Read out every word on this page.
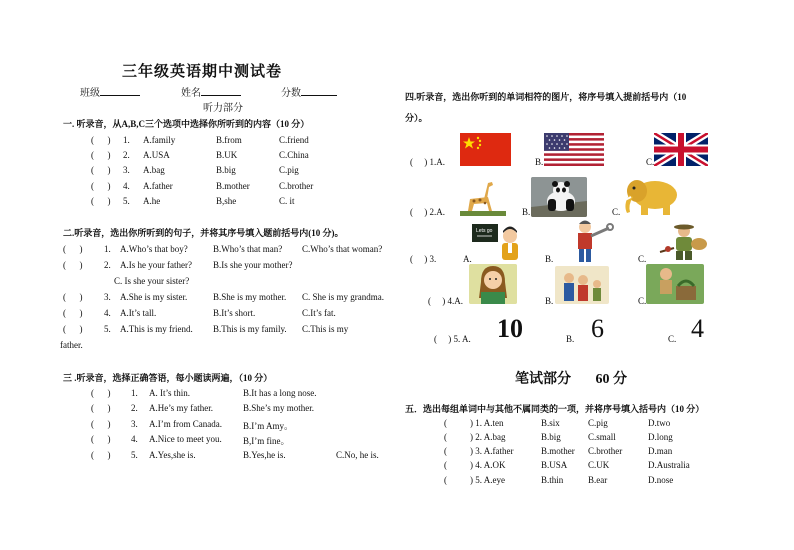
三年级英语期中测试卷
班级	姓名	分数
听力部分
一. 听录音，从A,B,C三个选项中选择你所听到的内容（10 分）
(      ) 1. A.family	B.from	C.friend
(      ) 2. A.USA	B.UK	C.China
(      ) 3. A.bag	B.big	C.pig
(      ) 4. A.father	B.mother	C.brother
(      ) 5. A.he	B,she	C. it
二.听录音，选出你所听到的句子，并将其序号填入题前括号内(10 分)。
(      ) 1. A.Who’s that boy?	B.Who’s that man? C.Who’s that woman?
(      ) 2. A.Is he your father? B.Is she your mother?
C. Is she your sister?
(      ) 3. A.She is my sister.	B.She is my mother. C. She is my grandma.
(      ) 4. A.It’s tall.	B.It’s short.	C.It’s fat.
(      ) 5. A.This is my friend. B.This is my family. C.This is my
father.
三 .听录音，选择正确答语，每小题读两遍，（10 分）
(      ) 1. A. It’s thin.	B.It has a long nose.
(      ) 2. A.He’s my father.	B.She’s my mother.
(      ) 3. A.I’m from Canada. B.I’m Amy。
(      ) 4. A.Nice to meet you. B,I’m fine。
(      ) 5. A.Yes,she is.	B.Yes,he is.	C.No, he is.
四.听录音，选出你听到的单词相符的图片，将序号填入提前括号内（10
分）。
(     ) 1.A.	B.	C.
(     ) 2.A.	B.	C.
(     ) 3.	A.	B.	C.
Lets go
(     ) 4.A.	B.	C.
(     ) 5. A. 10	B. 6	C. 4
笔试部分 60 分
五．选出每组单词中与其他不属同类的一项，并将序号填入括号内（10 分）
( ) 1. A.ten	B.six	C.pig	D.two
( ) 2. A.bag	B.big	C.small	D.long
( ) 3. A.father	B.mother C.brother	D.man
( ) 4. A.OK	B.USA C.UK	D.Australia
( ) 5. A.eye	B.thin	B.ear	D.nose
